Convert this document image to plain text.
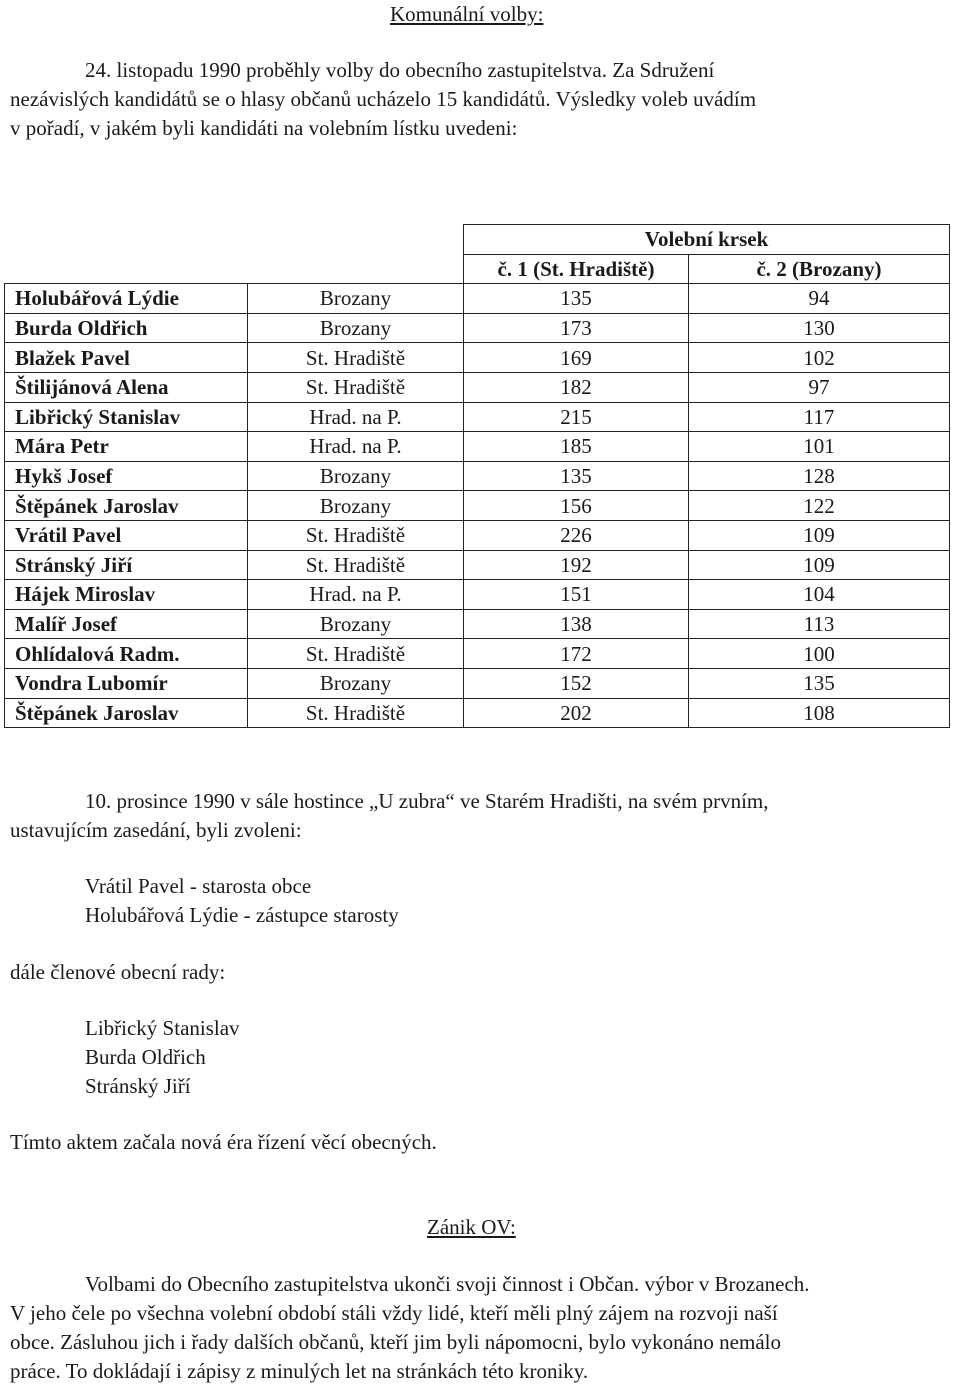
Komunální volby:
24. listopadu 1990 proběhly volby do obecního zastupitelstva. Za Sdružení
nezávislých kandidátů se o hlasy občanů ucházelo 15 kandidátů. Výsledky voleb uvádím
v pořadí, v jakém byli kandidáti na volebním lístku uvedeni:
		Volební krsek	
		č. 1 (St. Hradiště)	č. 2 (Brozany)
Holubářová Lýdie	Brozany	135	94
Burda Oldřich	Brozany	173	130
Blažek Pavel	St. Hradiště	169	102
Štilijánová Alena	St. Hradiště	182	97
Libřický Stanislav	Hrad. na P.	215	117
Mára Petr	Hrad. na P.	185	101
Hykš Josef	Brozany	135	128
Štěpánek Jaroslav	Brozany	156	122
Vrátil Pavel	St. Hradiště	226	109
Stránský Jiří	St. Hradiště	192	109
Hájek Miroslav	Hrad. na P.	151	104
Malíř Josef	Brozany	138	113
Ohlídalová Radm.	St. Hradiště	172	100
Vondra Lubomír	Brozany	152	135
Štěpánek Jaroslav	St. Hradiště	202	108
10. prosince 1990 v sále hostince „U zubra“ ve Starém Hradišti, na svém prvním,
ustavujícím zasedání, byli zvoleni:
Vrátil Pavel - starosta obce
Holubářová Lýdie - zástupce starosty
dále členové obecní rady:
Libřický Stanislav
Burda Oldřich
Stránský Jiří
Tímto aktem začala nová éra řízení věcí obecných.
Zánik OV:
Volbami do Obecního zastupitelstva ukonči svoji činnost i Občan. výbor v Brozanech.
V jeho čele po všechna volební období stáli vždy lidé, kteří měli plný zájem na rozvoji naší
obce. Zásluhou jich i řady dalších občanů, kteří jim byli nápomocni, bylo vykonáno nemálo
práce. To dokládají i zápisy z minulých let na stránkách této kroniky.
